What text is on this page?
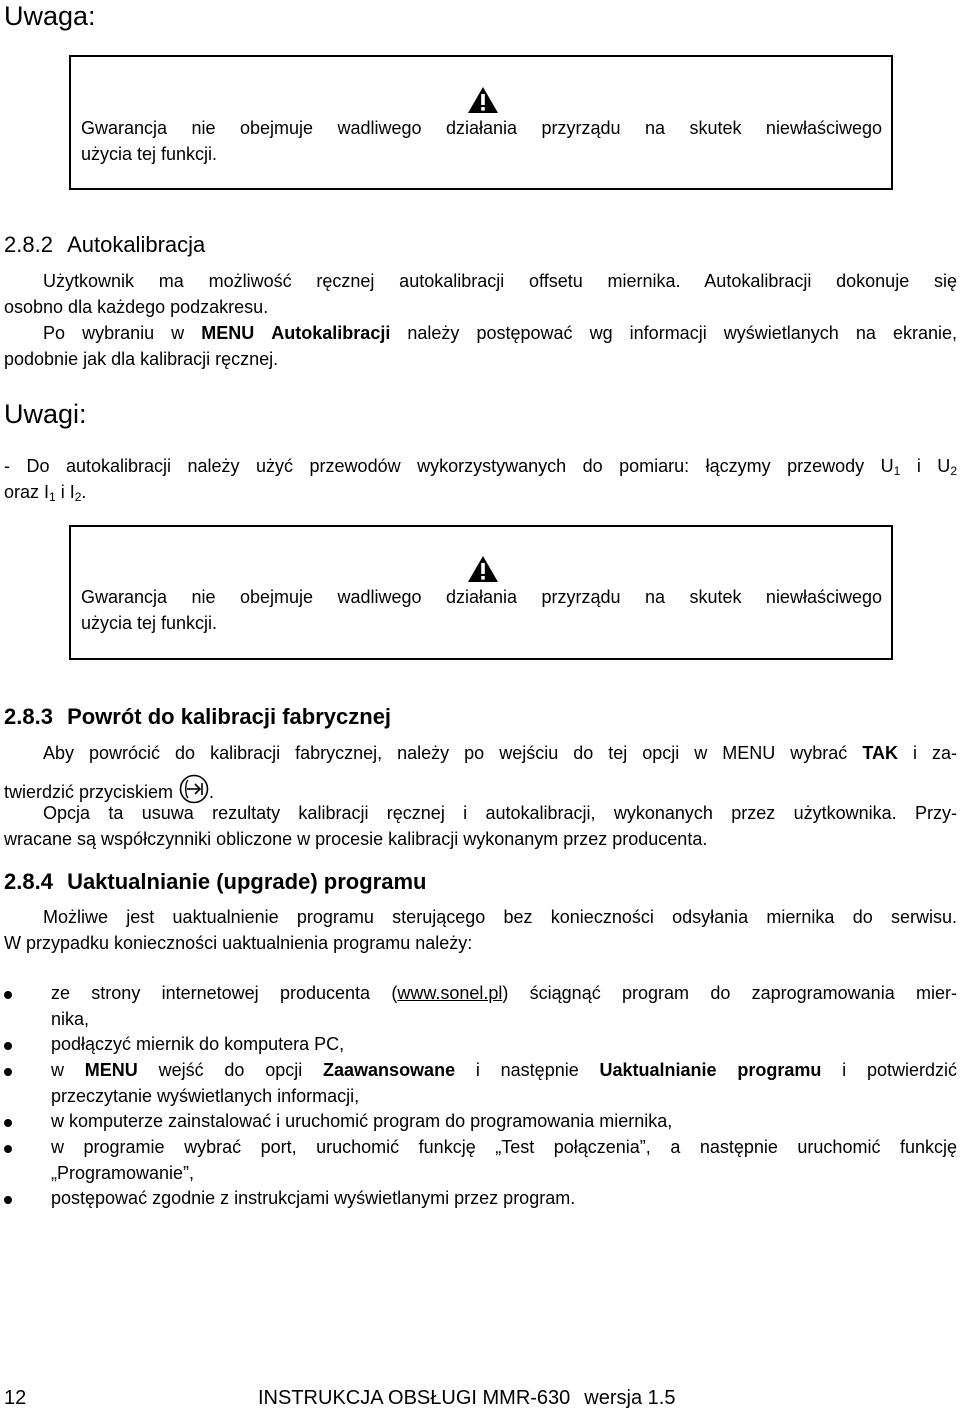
Uwaga:
Gwarancja nie obejmuje wadliwego działania przyrządu na skutek niewłaściwego
użycia tej funkcji.
2.8.2 Autokalibracja
Użytkownik ma możliwość ręcznej autokalibracji offsetu miernika. Autokalibracji dokonuje się
osobno dla każdego podzakresu.
Po wybraniu w MENU Autokalibracji należy postępować wg informacji wyświetlanych na ekranie,
podobnie jak dla kalibracji ręcznej.
Uwagi:
- Do autokalibracji należy użyć przewodów wykorzystywanych do pomiaru: łączymy przewody $U_1$ i $U_2$
oraz $I_1$ i $I_2$.
Gwarancja nie obejmuje wadliwego działania przyrządu na skutek niewłaściwego
użycia tej funkcji.
2.8.3 Powrót do kalibracji fabrycznej
Aby powrócić do kalibracji fabrycznej, należy po wejściu do tej opcji w MENU wybrać TAK i za-
twierdzić przyciskiem .
Opcja ta usuwa rezultaty kalibracji ręcznej i autokalibracji, wykonanych przez użytkownika. Przy-
wracane są współczynniki obliczone w procesie kalibracji wykonanym przez producenta.
2.8.4 Uaktualnianie (upgrade) programu
Możliwe jest uaktualnienie programu sterującego bez konieczności odsyłania miernika do serwisu.
W przypadku konieczności uaktualnienia programu należy:
ze strony internetowej producenta (www.sonel.pl) ściągnąć program do zaprogramowania mier-
nika,
podłączyć miernik do komputera PC,
w MENU wejść do opcji Zaawansowane i następnie Uaktualnianie programu i potwierdzić
przeczytanie wyświetlanych informacji,
w komputerze zainstalować i uruchomić program do programowania miernika,
w programie wybrać port, uruchomić funkcję „Test połączenia”, a następnie uruchomić funkcję
„Programowanie”,
postępować zgodnie z instrukcjami wyświetlanymi przez program.
12	INSTRUKCJA OBSŁUGI MMR-630 wersja 1.5
